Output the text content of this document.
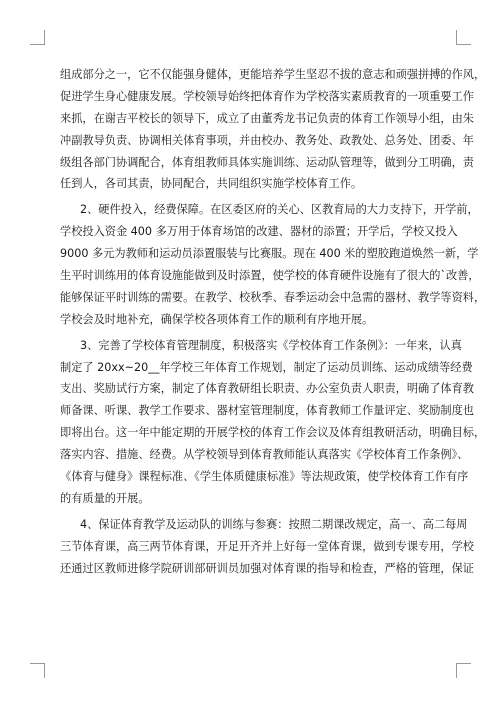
组成部分之一，它不仅能强身健体，更能培养学生坚忍不拔的意志和顽强拼搏的作风，
促进学生身心健康发展。学校领导始终把体育作为学校落实素质教育的一项重要工作
来抓，在谢吉平校长的领导下，成立了由董秀龙书记负责的体育工作领导小组，由朱
冲副教导负责、协调相关体育事项，并由校办、教务处、政教处、总务处、团委、年
级组各部门协调配合，体育组教师具体实施训练、运动队管理等，做到分工明确，责
任到人，各司其责，协同配合，共同组织实施学校体育工作。
2、硬件投入，经费保障。在区委区府的关心、区教育局的大力支持下，开学前，
学校投入资金 400 多万用于体育场馆的改建、器材的添置；开学后，学校又投入
9000 多元为教师和运动员添置服装与比赛服。现在 400 米的塑胶跑道焕然一新，学
生平时训练用的体育设施能做到及时添置，使学校的体育硬件设施有了很大的`改善，
能够保证平时训练的需要。在教学、校秋季、春季运动会中急需的器材、教学等资料，
学校会及时地补充，确保学校各项体育工作的顺利有序地开展。
3、完善了学校体育管理制度，积极落实《学校体育工作条例》：一年来，认真
制定了 20xx~20__年学校三年体育工作规划，制定了运动员训练、运动成绩等经费
支出、奖励试行方案，制定了体育教研组长职责、办公室负责人职责，明确了体育教
师备课、听课、教学工作要求、器材室管理制度，体育教师工作量评定、奖励制度也
即将出台。这一年中能定期的开展学校的体育工作会议及体育组教研活动，明确目标，
落实内容、措施、经费。从学校领导到体育教师能认真落实《学校体育工作条例》、
《体育与健身》课程标准、《学生体质健康标准》等法规政策，使学校体育工作有序
的有质量的开展。
4、保证体育教学及运动队的训练与参赛：按照二期课改规定，高一、高二每周
三节体育课，高三两节体育课，开足开齐并上好每一堂体育课，做到专课专用，学校
还通过区教师进修学院研训部研训员加强对体育课的指导和检查，严格的管理，保证
